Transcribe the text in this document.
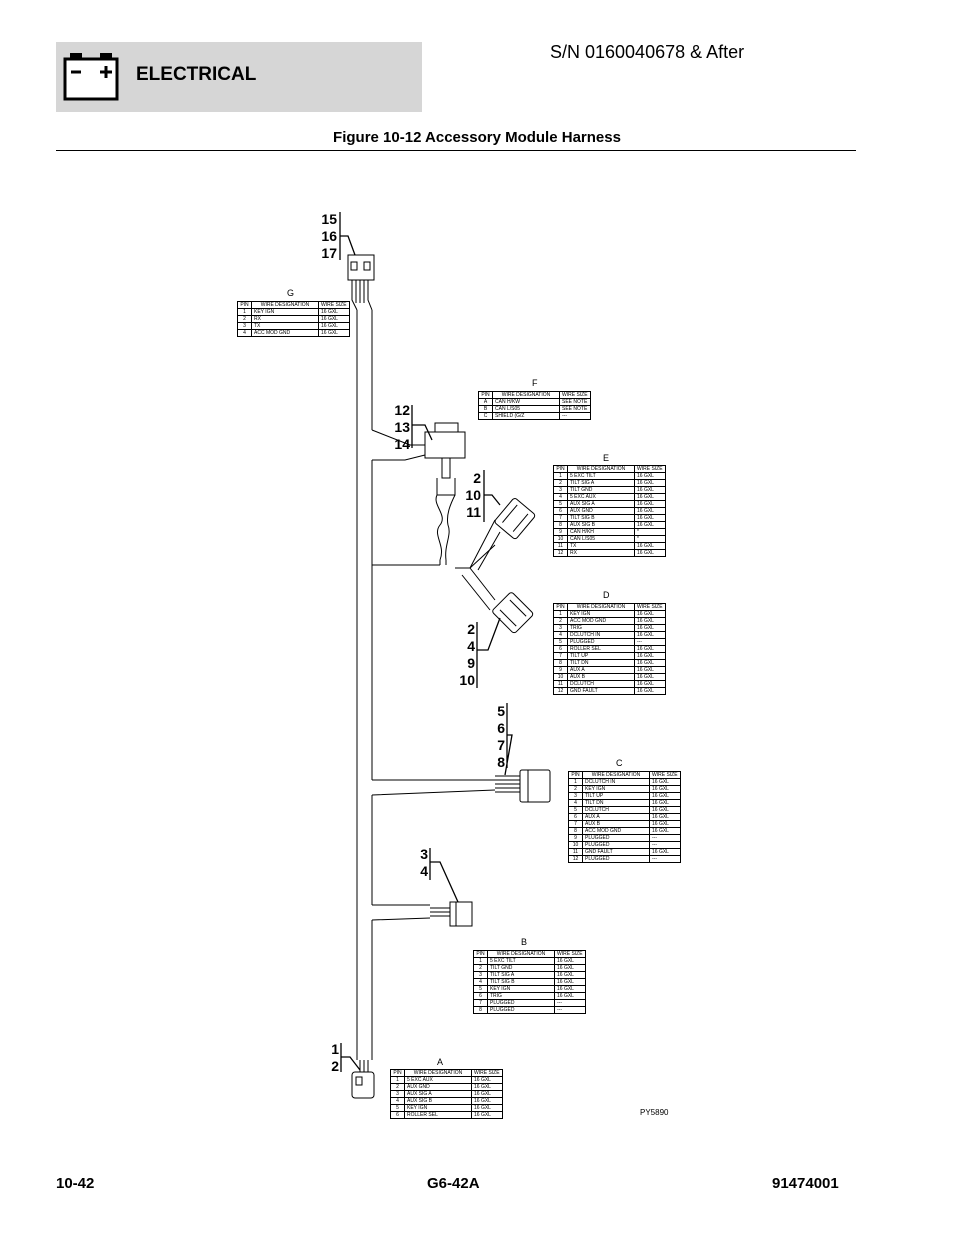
ELECTRICAL
S/N 0160040678 & After
Figure 10-12 Accessory Module Harness
15
16
17
12
13
14
2
10
11
2
4
9
10
5
6
7
8
3
4
1
2
G
F
E
D
C
B
A
PIN	WIRE DESIGNATION	WIRE SIZE
1	KEY IGN	16 GXL
2	RX	16 GXL
3	TX	16 GXL
4	ACC MOD GND	16 GXL
PIN	WIRE DESIGNATION	WIRE SIZE
A	CAN H/KW	SEE NOTE
B	CAN L/S05	SEE NOTE
C	SHIELD (G/Z	---
PIN	WIRE DESIGNATION	WIRE SIZE
1	5 EXC TILT	16 GXL
2	TILT SIG A	16 GXL
3	TILT GND	16 GXL
4	5 EXC AUX	16 GXL
5	AUX SIG A	16 GXL
6	AUX GND	16 GXL
7	TILT SIG B	16 GXL
8	AUX SIG B	16 GXL
9	CAN H/KH	*
10	CAN L/S05	*
11	TX	16 GXL
12	RX	16 GXL
PIN	WIRE DESIGNATION	WIRE SIZE
1	KEY IGN	16 GXL
2	ACC MOD GND	16 GXL
3	TRIG	16 GXL
4	DCLUTCH IN	16 GXL
5	PLUGGED	---
6	ROLLER SEL	16 GXL
7	TILT UP	16 GXL
8	TILT DN	16 GXL
9	AUX A	16 GXL
10	AUX B	16 GXL
11	DCLUTCH	16 GXL
12	GND FAULT	16 GXL
PIN	WIRE DESIGNATION	WIRE SIZE
1	DCLUTCH IN	16 GXL
2	KEY IGN	16 GXL
3	TILT UP	16 GXL
4	TILT DN	16 GXL
5	DCLUTCH	16 GXL
6	AUX A	16 GXL
7	AUX B	16 GXL
8	ACC MOD GND	16 GXL
9	PLUGGED	---
10	PLUGGED	---
11	GND FAULT	16 GXL
12	PLUGGED	---
PIN	WIRE DESIGNATION	WIRE SIZE
1	5 EXC TILT	16 GXL
2	TILT GND	16 GXL
3	TILT SIG A	16 GXL
4	TILT SIG B	16 GXL
5	KEY IGN	16 GXL
6	TRIG	16 GXL
7	PLUGGED	---
8	PLUGGED	---
PIN	WIRE DESIGNATION	WIRE SIZE
1	5 EXC AUX	16 GXL
2	AUX GND	16 GXL
3	AUX SIG A	16 GXL
4	AUX SIG B	16 GXL
5	KEY IGN	16 GXL
6	ROLLER SEL	16 GXL	PY5890
10-42	G6-42A	91474001
